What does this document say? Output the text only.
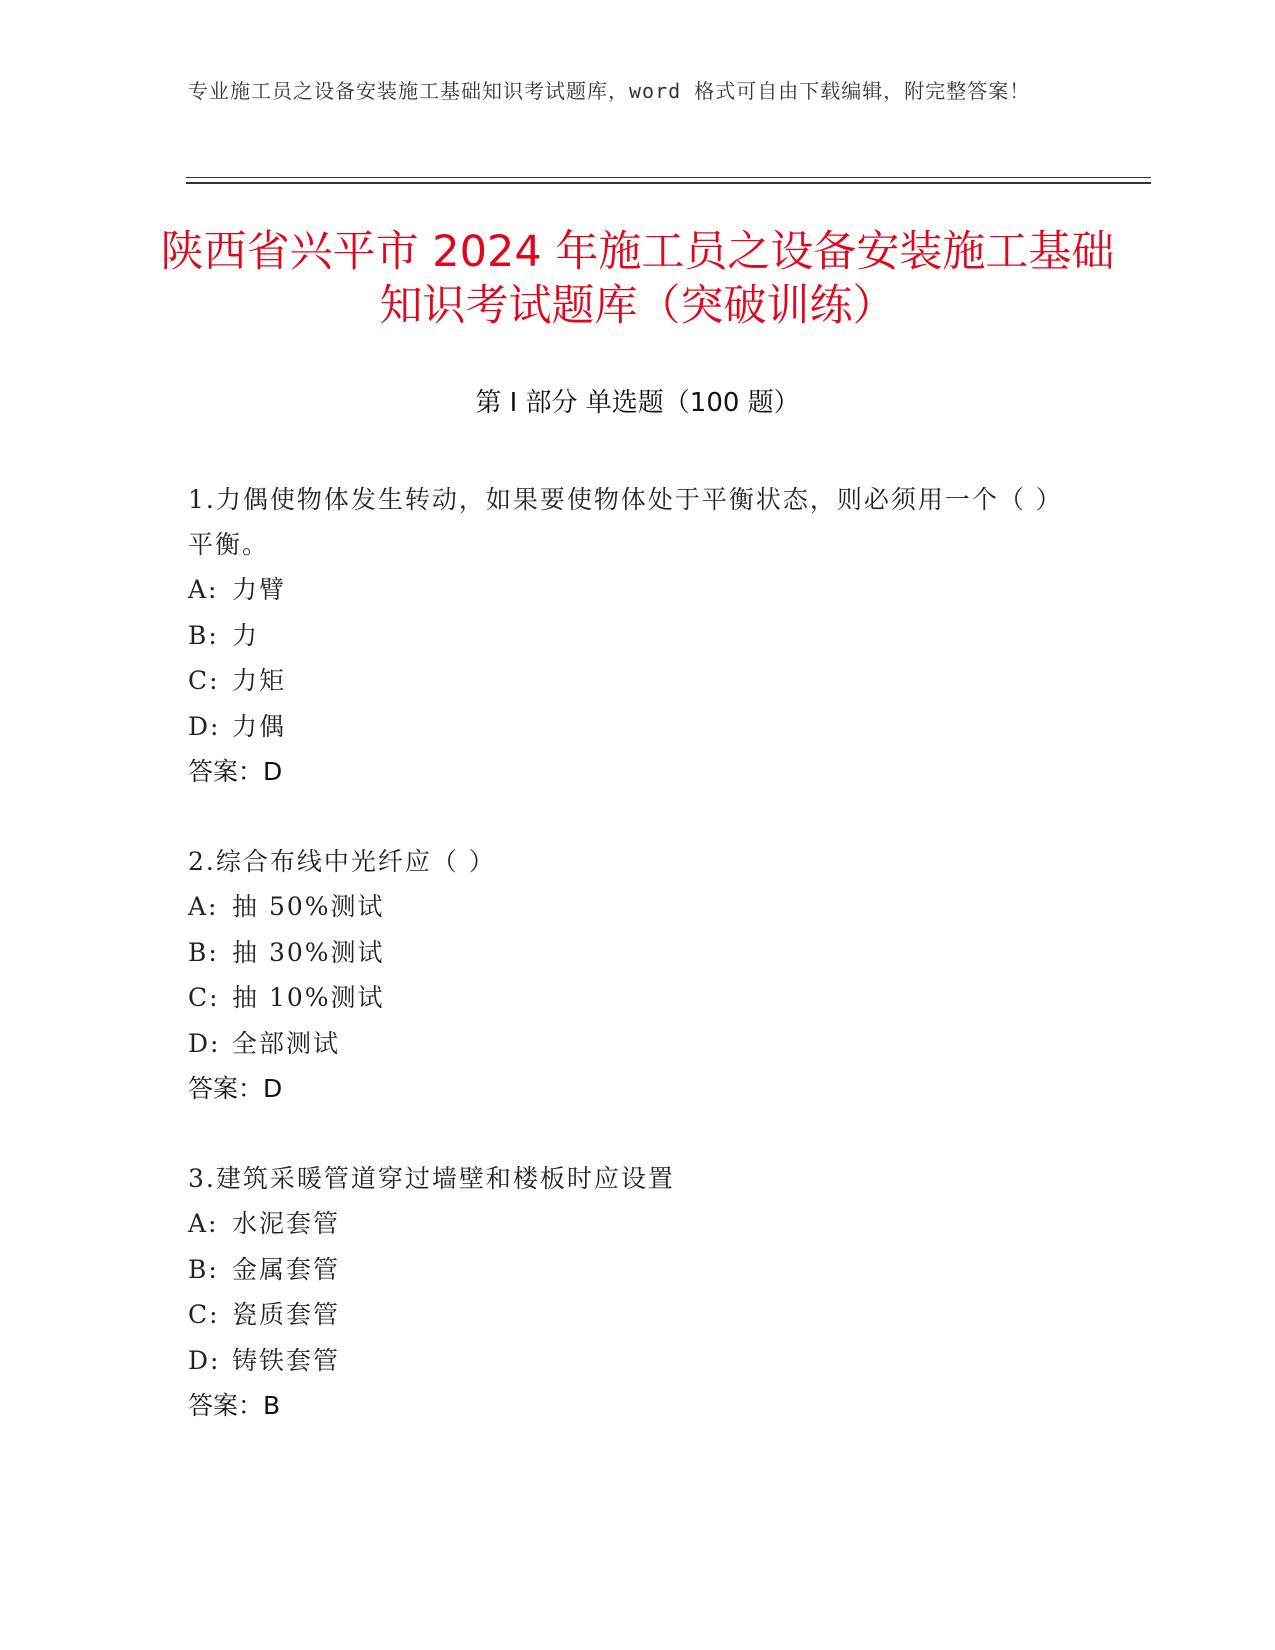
专业施工员之设备安装施工基础知识考试题库，word 格式可自由下载编辑，附完整答案！
陕西省兴平市 2024 年施工员之设备安装施工基础知识考试题库（突破训练）
第 I 部分 单选题（100 题）

1.力偶使物体发生转动，如果要使物体处于平衡状态，则必须用一个（ ）平衡。

A: 力臂
B: 力
C: 力矩
D: 力偶
答案：D

2.综合布线中光纤应（ ）

A: 抽 50%测试
B: 抽 30%测试
C: 抽 10%测试
D: 全部测试
答案：D

3.建筑采暖管道穿过墙壁和楼板时应设置

A: 水泥套管
B: 金属套管
C: 瓷质套管
D: 铸铁套管
答案：B
